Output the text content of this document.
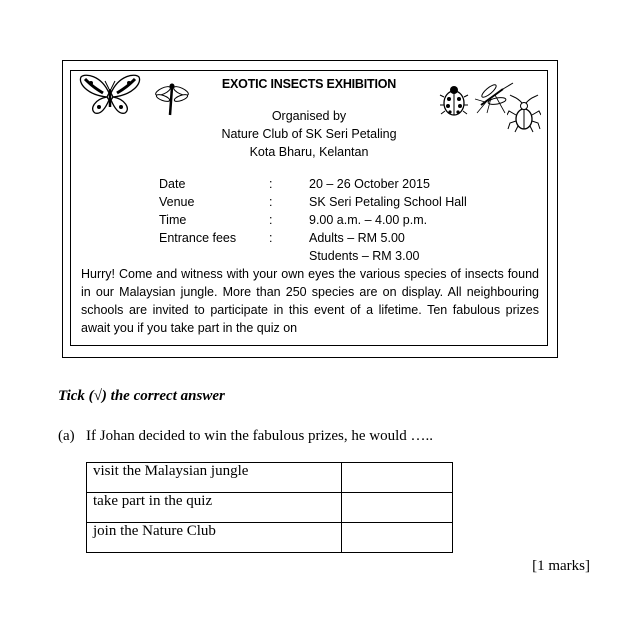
EXOTIC INSECTS EXHIBITION
Organised by
Nature Club of SK Seri Petaling
Kota Bharu, Kelantan
Date	:	20 – 26 October 2015
Venue	:	SK Seri Petaling School Hall
Time	:	9.00 a.m. – 4.00 p.m.
Entrance fees	:	Adults – RM 5.00
Students – RM 3.00
Hurry! Come and witness with your own eyes the various species of insects found in our Malaysian jungle. More than 250 species are on display. All neighbouring schools are invited to participate in this event of a lifetime. Ten fabulous prizes await you if you take part in the quiz on
Tick (√) the correct answer
(a) If Johan decided to win the fabulous prizes, he would …..
visit the Malaysian jungle	
take part in the quiz	
join the Nature Club	
[1 marks]
